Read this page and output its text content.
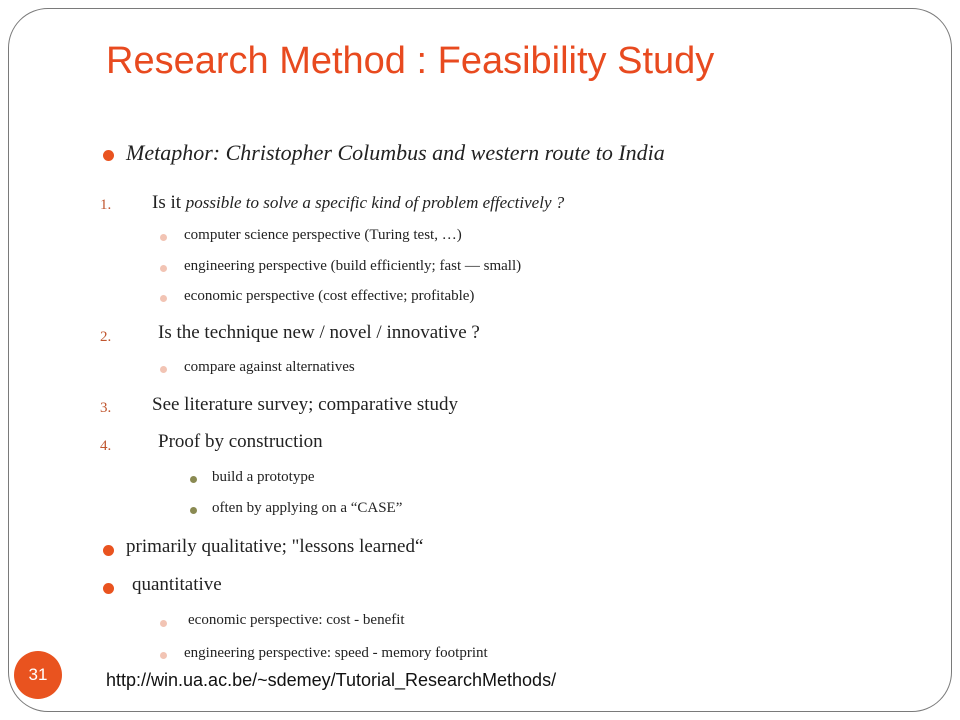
Research Method : Feasibility Study
Metaphor: Christopher Columbus and western route to India
1. Is it possible to solve a specific kind of problem effectively ?
computer science perspective (Turing test, …)
engineering perspective (build efficiently; fast — small)
economic perspective (cost effective; profitable)
2. Is the technique new / novel / innovative ?
compare against alternatives
3. See literature survey; comparative study
4. Proof by construction
build a prototype
often by applying on a “CASE”
primarily qualitative; "lessons learned“
quantitative
economic perspective: cost - benefit
engineering perspective: speed - memory footprint
31	http://win.ua.ac.be/~sdemey/Tutorial_ResearchMethods/
